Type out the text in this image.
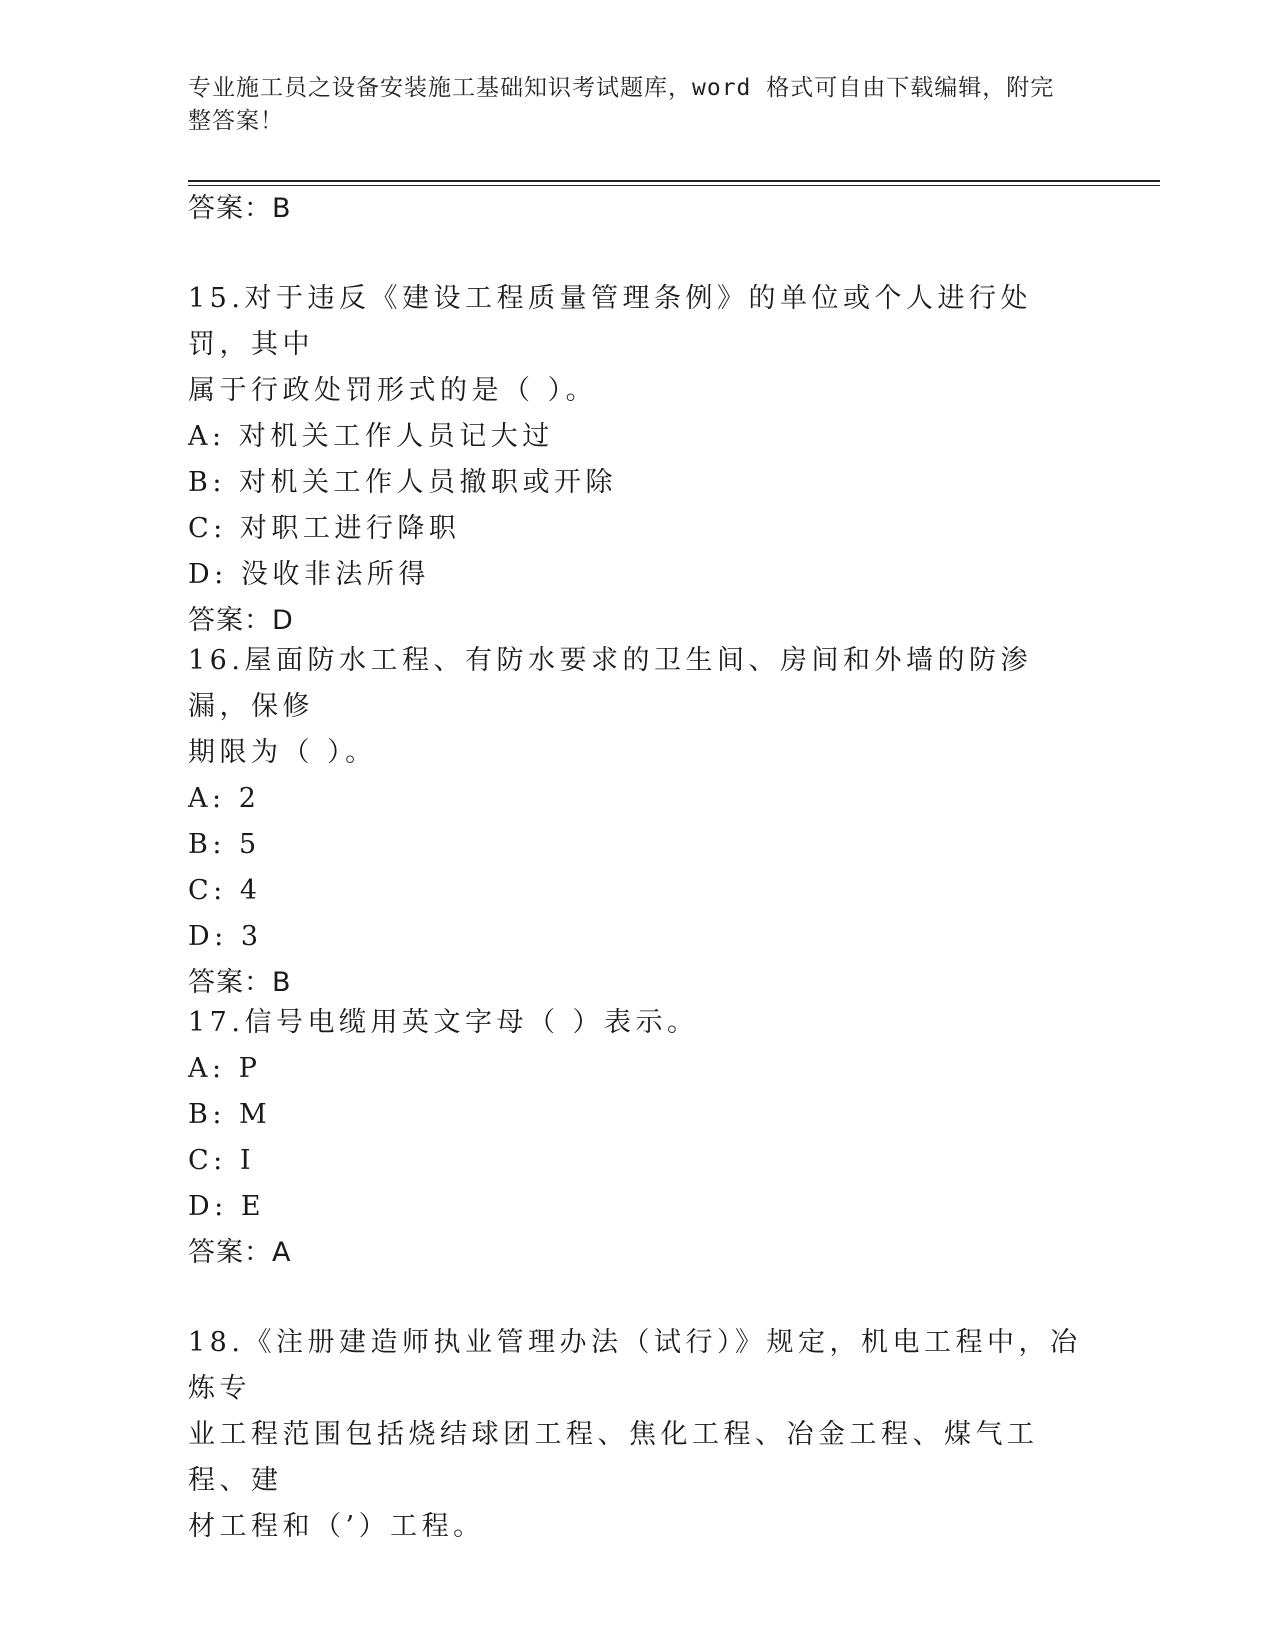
专业施工员之设备安装施工基础知识考试题库，word 格式可自由下载编辑，附完
整答案！
答案：B
15.对于违反《建设工程质量管理条例》的单位或个人进行处罚，其中
属于行政处罚形式的是（ ）。
A: 对机关工作人员记大过
B: 对机关工作人员撤职或开除
C: 对职工进行降职
D: 没收非法所得
答案：D
16.屋面防水工程、有防水要求的卫生间、房间和外墙的防渗漏，保修
期限为（ ）。
A: 2
B: 5
C: 4
D: 3
答案：B
17.信号电缆用英文字母（ ）表示。
A: P
B: M
C: I
D: E
答案：A
18.《注册建造师执业管理办法（试行）》规定，机电工程中，冶炼专
业工程范围包括烧结球团工程、焦化工程、冶金工程、煤气工程、建
材工程和（’）工程。
